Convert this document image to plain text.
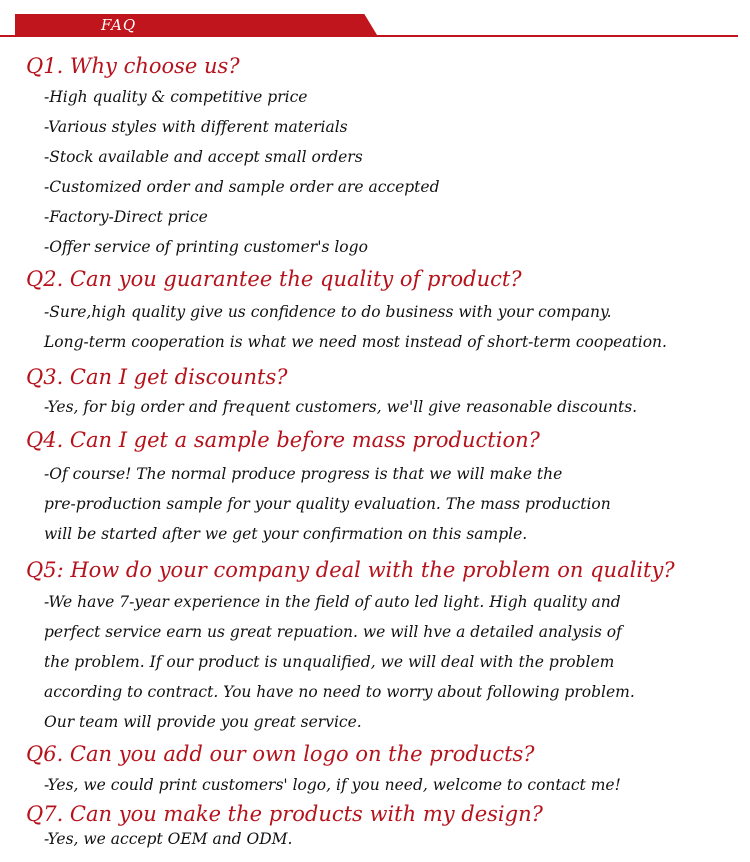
FAQ
Q1. Why choose us?

-High quality & competitive price

-Various styles with different materials

-Stock available and accept small orders

-Customized order and sample order are accepted

-Factory-Direct price

-Offer service of printing customer's logo

Q2. Can you guarantee the quality of product?

-Sure,high quality give us confidence to do business with your company.

Long-term cooperation is what we need most instead of short-term coopeation.

Q3. Can I get discounts?

-Yes, for big order and frequent customers, we'll give reasonable discounts.

Q4. Can I get a sample before mass production?

-Of course! The normal produce progress is that we will make the

pre-production sample for your quality evaluation. The mass production

will be started after we get your confirmation on this sample.

Q5: How do your company deal with the problem on quality?

-We have 7-year experience in the field of auto led light. High quality and

perfect service earn us great repuation. we will hve a detailed analysis of

the problem. If our product is unqualified, we will deal with the problem

according to contract. You have no need to worry about following problem.

Our team will provide you great service.

Q6. Can you add our own logo on the products?

-Yes, we could print customers' logo, if you need, welcome to contact me!

Q7. Can you make the products with my design?

-Yes, we accept OEM and ODM.
